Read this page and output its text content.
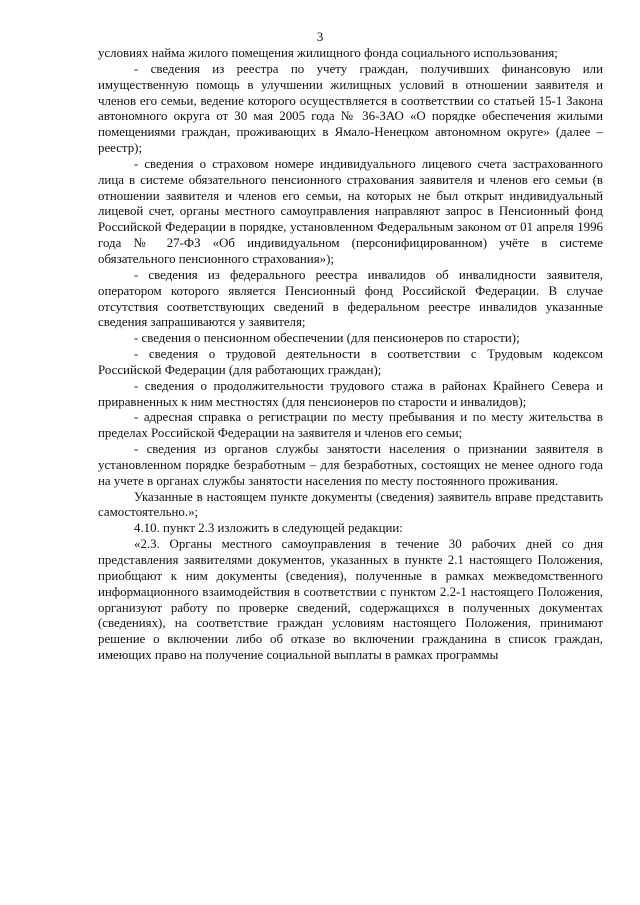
3

условиях найма жилого помещения жилищного фонда социального использования;

- сведения из реестра по учету граждан, получивших финансовую или имущественную помощь в улучшении жилищных условий в отношении заявителя и членов его семьи, ведение которого осуществляется в соответствии со статьей 15-1 Закона автономного округа от 30 мая 2005 года № 36-ЗАО «О порядке обеспечения жилыми помещениями граждан, проживающих в Ямало-Ненецком автономном округе» (далее – реестр);

- сведения о страховом номере индивидуального лицевого счета застрахованного лица в системе обязательного пенсионного страхования заявителя и членов его семьи (в отношении заявителя и членов его семьи, на которых не был открыт индивидуальный лицевой счет, органы местного самоуправления направляют запрос в Пенсионный фонд Российской Федерации в порядке, установленном Федеральным законом от 01 апреля 1996 года № 27-ФЗ «Об индивидуальном (персонифицированном) учёте в системе обязательного пенсионного страхования»);

- сведения из федерального реестра инвалидов об инвалидности заявителя, оператором которого является Пенсионный фонд Российской Федерации. В случае отсутствия соответствующих сведений в федеральном реестре инвалидов указанные сведения запрашиваются у заявителя;

- сведения о пенсионном обеспечении (для пенсионеров по старости);

- сведения о трудовой деятельности в соответствии с Трудовым кодексом Российской Федерации (для работающих граждан);

- сведения о продолжительности трудового стажа в районах Крайнего Севера и приравненных к ним местностях (для пенсионеров по старости и инвалидов);

- адресная справка о регистрации по месту пребывания и по месту жительства в пределах Российской Федерации на заявителя и членов его семьи;

- сведения из органов службы занятости населения о признании заявителя в установленном порядке безработным – для безработных, состоящих не менее одного года на учете в органах службы занятости населения по месту постоянного проживания.

Указанные в настоящем пункте документы (сведения) заявитель вправе представить самостоятельно.»;

4.10. пункт 2.3 изложить в следующей редакции:

«2.3. Органы местного самоуправления в течение 30 рабочих дней со дня представления заявителями документов, указанных в пункте 2.1 настоящего Положения, приобщают к ним документы (сведения), полученные в рамках межведомственного информационного взаимодействия в соответствии с пунктом 2.2-1 настоящего Положения, организуют работу по проверке сведений, содержащихся в полученных документах (сведениях), на соответствие граждан условиям настоящего Положения, принимают решение о включении либо об отказе во включении гражданина в список граждан, имеющих право на получение социальной выплаты в рамках программы
